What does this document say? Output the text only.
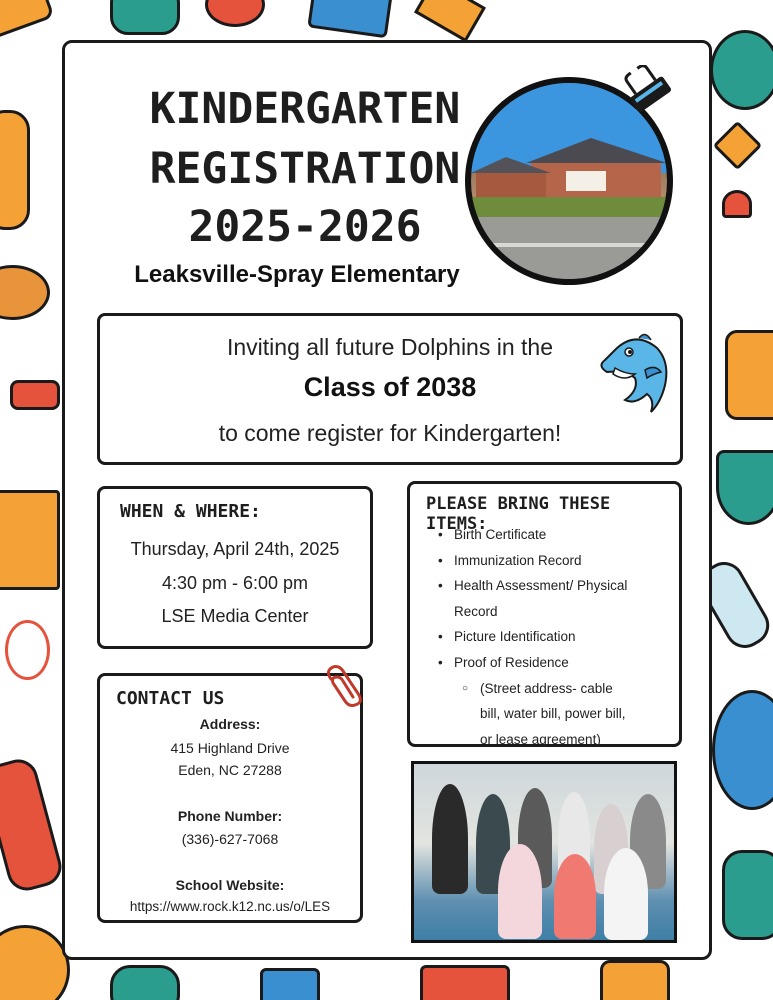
KINDERGARTEN
REGISTRATION
2025-2026
Leaksville-Spray Elementary
Inviting all future Dolphins in the
Class of 2038
to come register for Kindergarten!
WHEN & WHERE:
Thursday, April 24th, 2025
4:30 pm - 6:00 pm
LSE Media Center
PLEASE BRING THESE ITEMS:
• Birth Certificate
• Immunization Record
• Health Assessment/ Physical
Record
• Picture Identification
• Proof of Residence
○ (Street address- cable
bill, water bill, power bill,
or lease agreement)
CONTACT US
Address:
415 Highland Drive
Eden, NC 27288
Phone Number:
(336)-627-7068
School Website:
https://www.rock.k12.nc.us/o/LES
